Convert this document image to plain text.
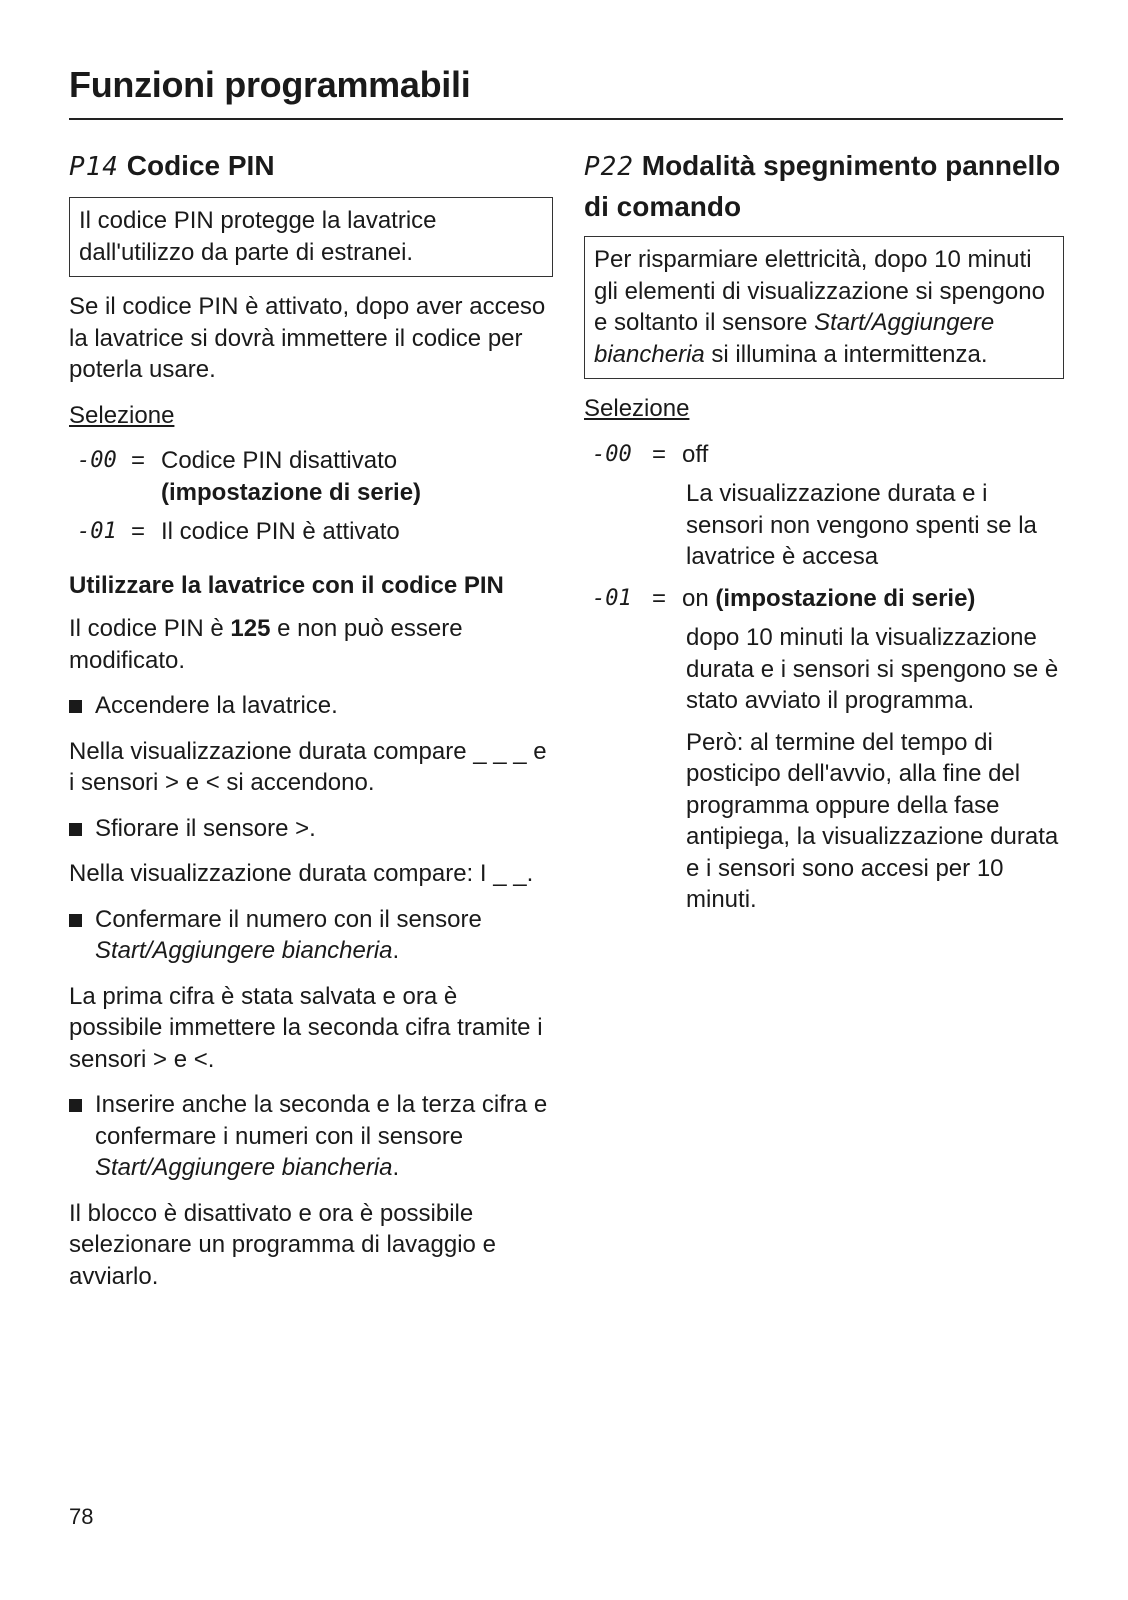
Funzioni programmabili
P14 Codice PIN
Il codice PIN protegge la lavatrice dall'utilizzo da parte di estranei.

Se il codice PIN è attivato, dopo aver acceso la lavatrice si dovrà immettere il codice per poterla usare.

Selezione

-00 = Codice PIN disattivato (impostazione di serie)
-01 = Il codice PIN è attivato
Utilizzare la lavatrice con il codice PIN

Il codice PIN è 125 e non può essere modificato.

Accendere la lavatrice.

Nella visualizzazione durata compare _ _ _ e i sensori > e < si accendono.

Sfiorare il sensore >.

Nella visualizzazione durata compare: I _ _.

Confermare il numero con il sensore Start/Aggiungere biancheria.

La prima cifra è stata salvata e ora è possibile immettere la seconda cifra tramite i sensori > e <.

Inserire anche la seconda e la terza cifra e confermare i numeri con il sensore Start/Aggiungere biancheria.

Il blocco è disattivato e ora è possibile selezionare un programma di lavaggio e avviarlo.

P22 Modalità spegnimento pannello di comando
Per risparmiare elettricità, dopo 10 minuti gli elementi di visualizzazione si spengono e soltanto il sensore Start/Aggiungere biancheria si illumina a intermittenza.

Selezione

-00 = off
La visualizzazione durata e i sensori non vengono spenti se la lavatrice è accesa
-01 = on (impostazione di serie)
dopo 10 minuti la visualizzazione durata e i sensori si spengono se è stato avviato il programma.
Però: al termine del tempo di posticipo dell'avvio, alla fine del programma oppure della fase antipiega, la visualizzazione durata e i sensori sono accesi per 10 minuti.
78
